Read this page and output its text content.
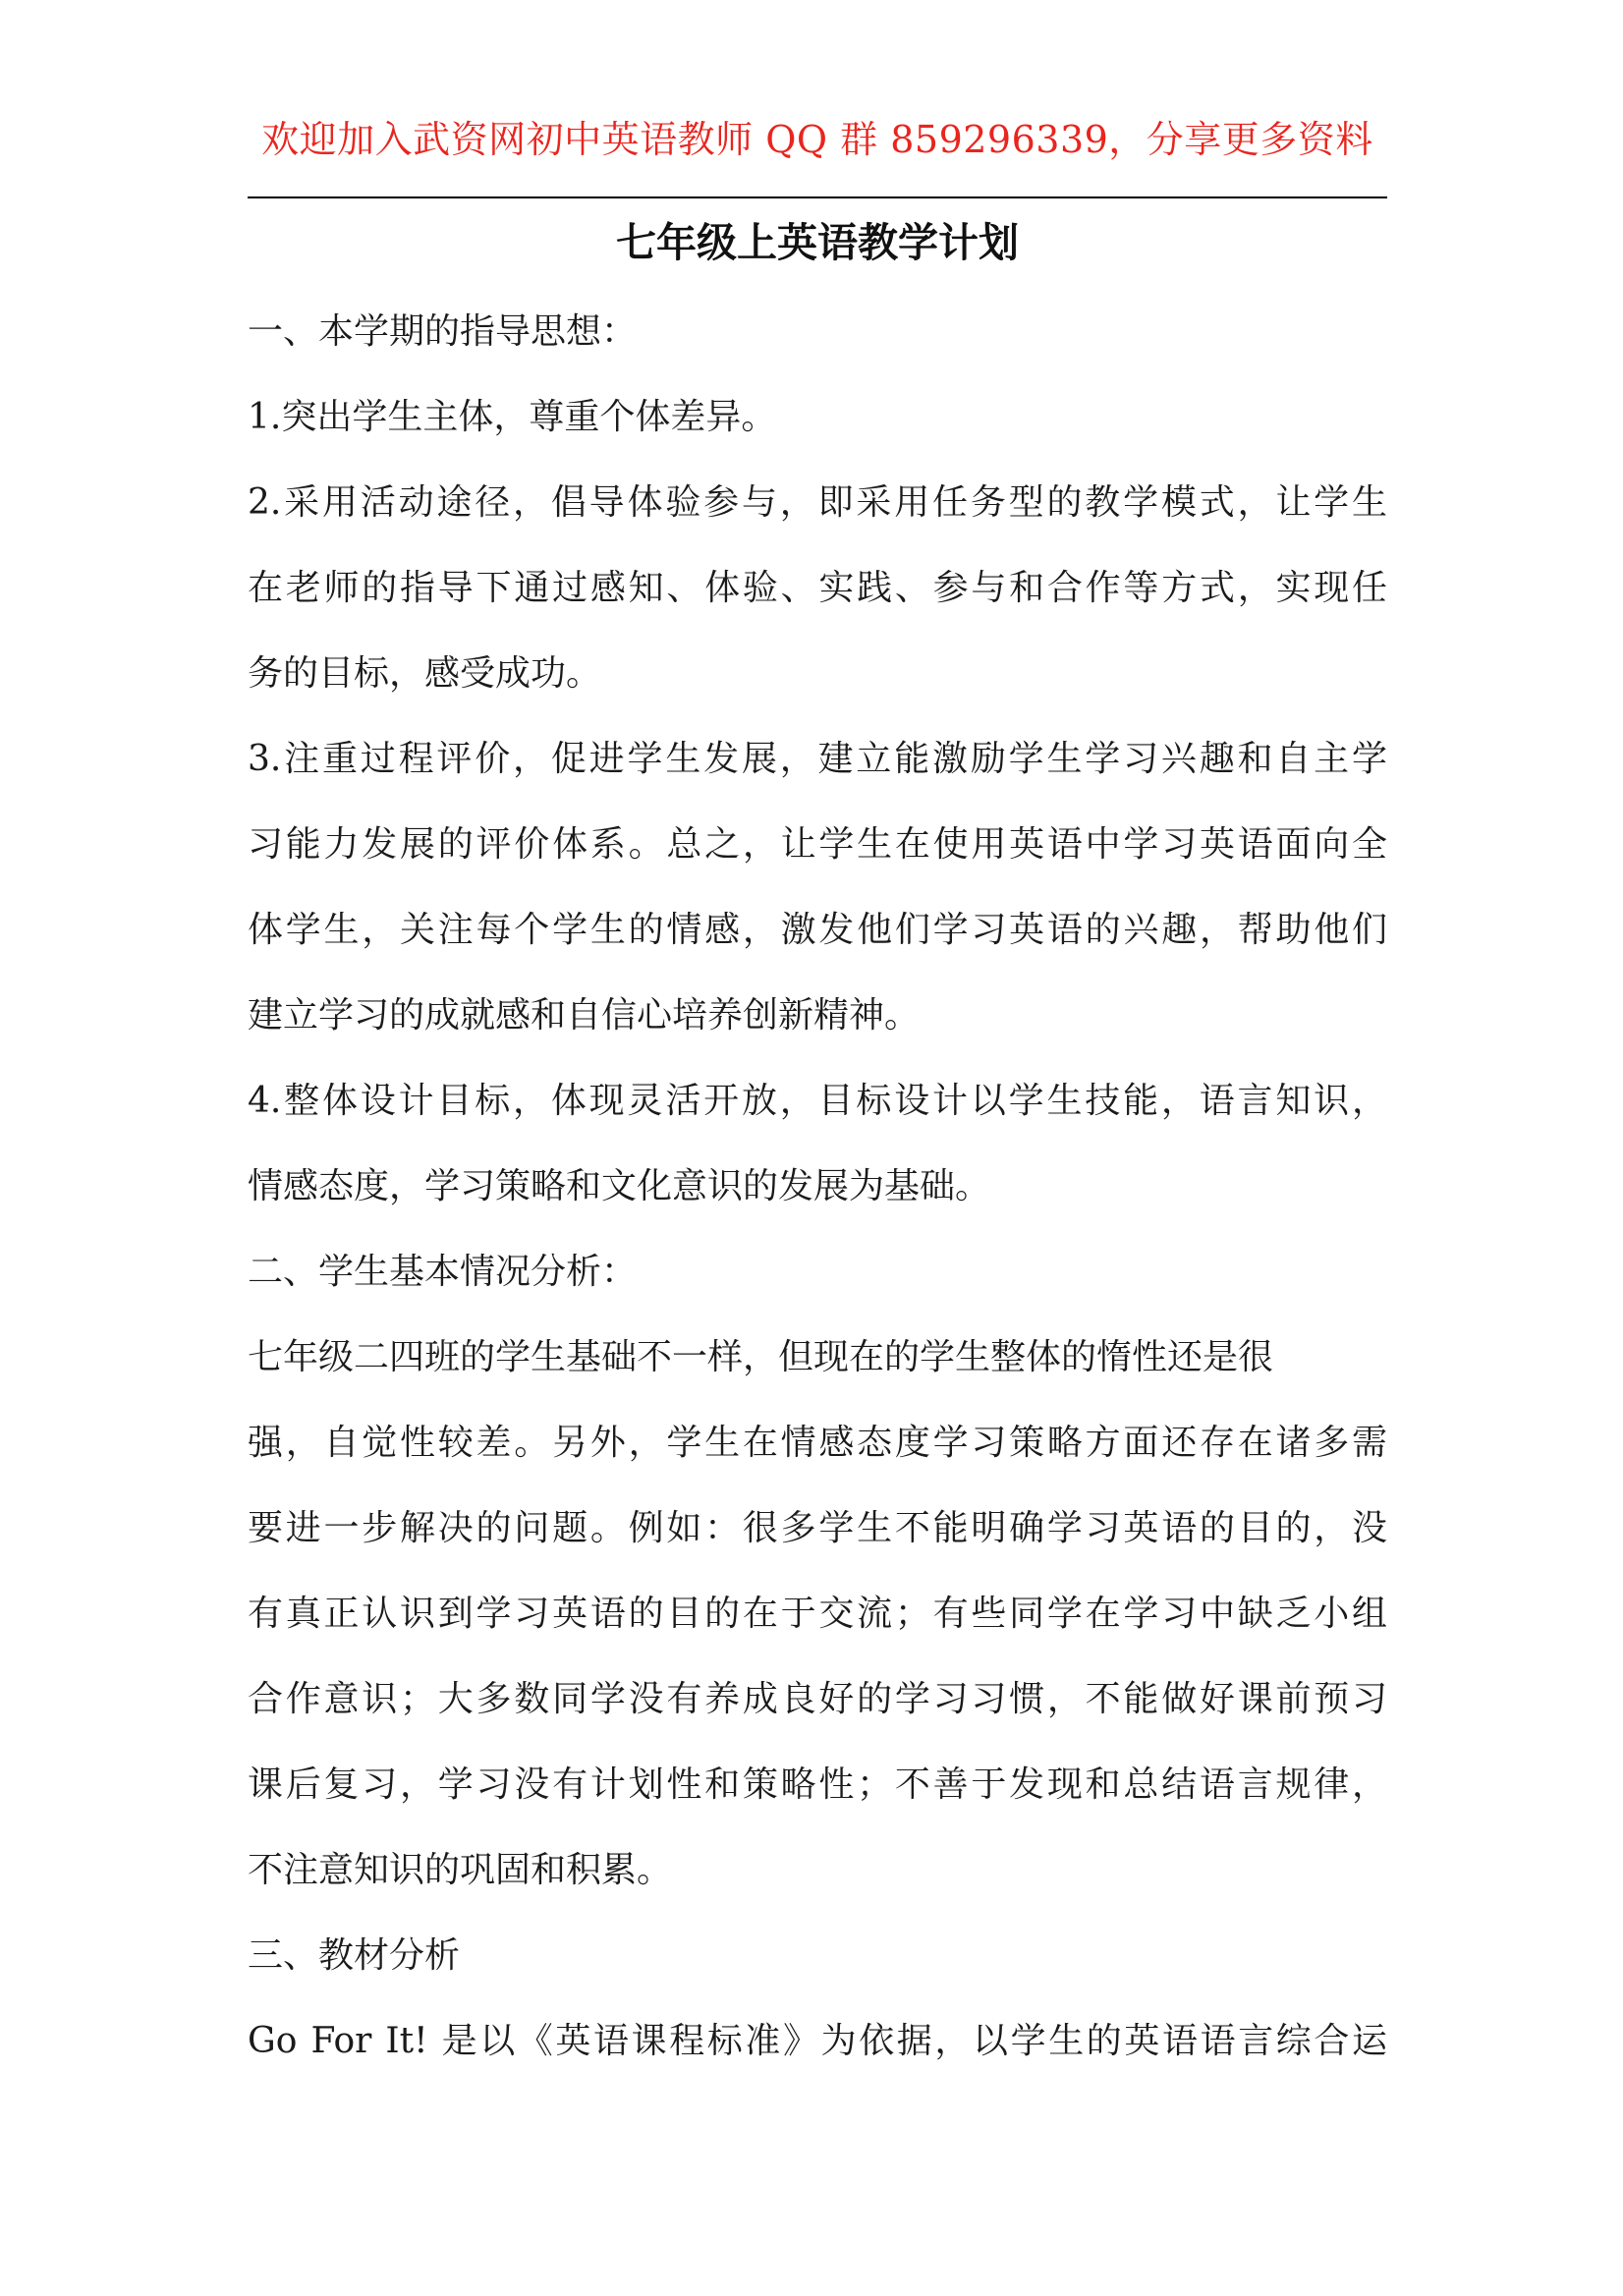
欢迎加入武资网初中英语教师 QQ 群 859296339，分享更多资料
七年级上英语教学计划
一、本学期的指导思想：
1.突出学生主体，尊重个体差异。
2.采用活动途径，倡导体验参与，即采用任务型的教学模式，让学生
在老师的指导下通过感知、体验、实践、参与和合作等方式，实现任
务的目标，感受成功。
3.注重过程评价，促进学生发展，建立能激励学生学习兴趣和自主学
习能力发展的评价体系。总之，让学生在使用英语中学习英语面向全
体学生，关注每个学生的情感，激发他们学习英语的兴趣，帮助他们
建立学习的成就感和自信心培养创新精神。
4.整体设计目标，体现灵活开放，目标设计以学生技能，语言知识，
情感态度，学习策略和文化意识的发展为基础。
二、学生基本情况分析：
七年级二四班的学生基础不一样，但现在的学生整体的惰性还是很
强，自觉性较差。另外，学生在情感态度学习策略方面还存在诸多需
要进一步解决的问题。例如：很多学生不能明确学习英语的目的，没
有真正认识到学习英语的目的在于交流；有些同学在学习中缺乏小组
合作意识；大多数同学没有养成良好的学习习惯，不能做好课前预习
课后复习，学习没有计划性和策略性；不善于发现和总结语言规律，
不注意知识的巩固和积累。
三、教材分析
Go For It! 是以《英语课程标准》为依据，以学生的英语语言综合运
